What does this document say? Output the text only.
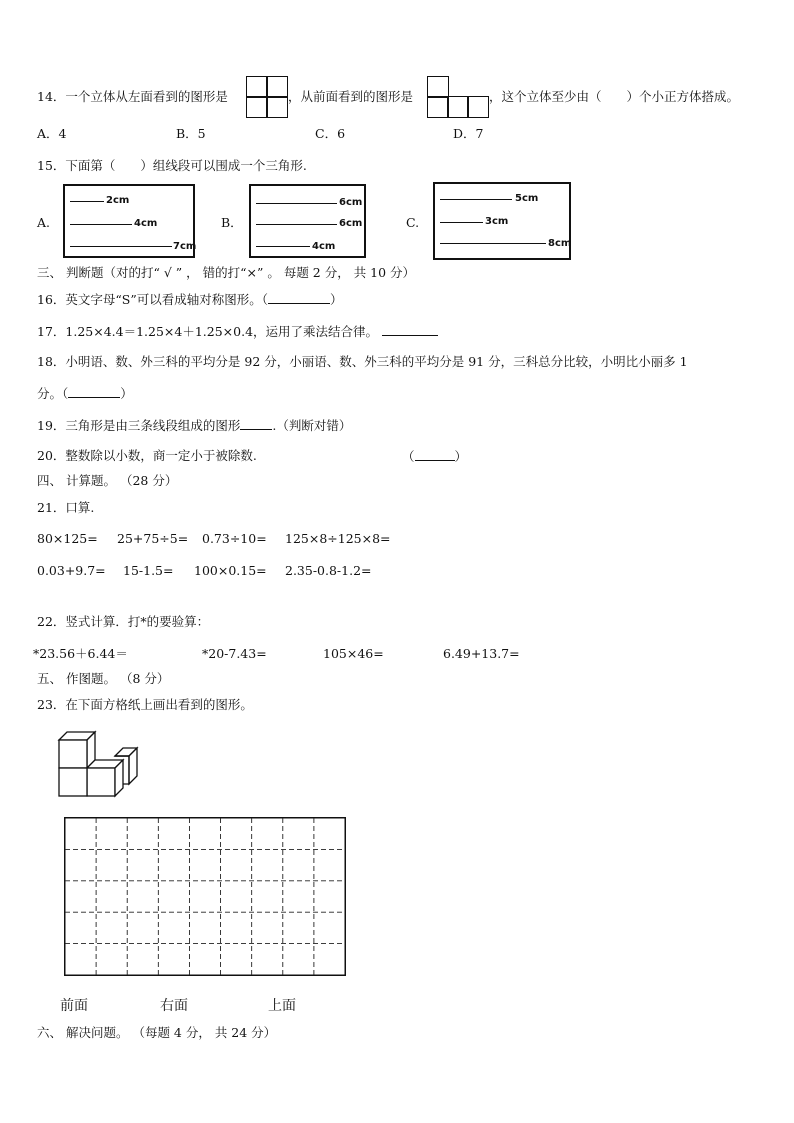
14．一个立体从左面看到的图形是	，从前面看到的图形是	，这个立体至少由（　　）个小正方体搭成。
A．4	B．5	C．6	D．7
15．下面第（　　）组线段可以围成一个三角形.
A.
2cm
4cm
7cm
B．
6cm
6cm
4cm
C.
5cm
3cm
8cm
三、 判断题（对的打“ √ ” ， 错的打“×” 。 每题 2 分， 共 10 分）
16．英文字母“S”可以看成轴对称图形。（	）
17．1.25×4.4＝1.25×4＋1.25×0.4，运用了乘法结合律。
18．小明语、数、外三科的平均分是 92 分，小丽语、数、外三科的平均分是 91 分，三科总分比较，小明比小丽多 1
分。（	）
19．三角形是由三条线段组成的图形	.（判断对错）
20．整数除以小数，商一定小于被除数.	（	）
四、 计算题。 （28 分）
21．口算.
80×125= 25+75÷5= 0.73÷10= 125×8÷125×8=
0.03+9.7= 15-1.5= 100×0.15= 2.35-0.8-1.2=
22．竖式计算．打*的要验算：
*23.56＋6.44＝	*20-7.43=	105×46=	6.49+13.7=
五、 作图题。 （8 分）
23．在下面方格纸上画出看到的图形。
前面	右面	上面
六、 解决问题。 （每题 4 分， 共 24 分）
